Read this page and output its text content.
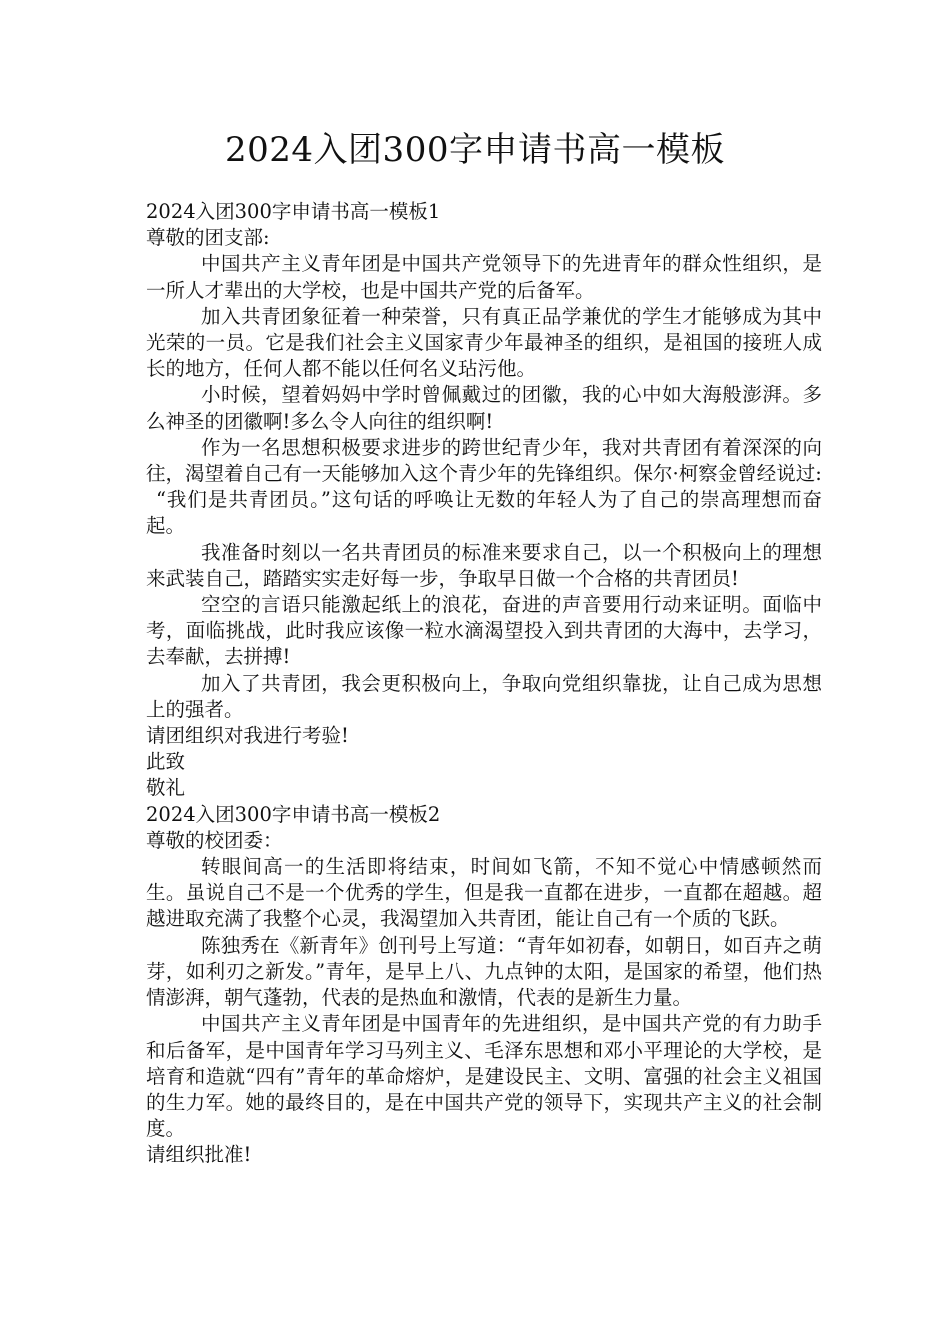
2024入团300字申请书高一模板

2024入团300字申请书高一模板1

尊敬的团支部:

中国共产主义青年团是中国共产党领导下的先进青年的群众性组织，是一所人才辈出的大学校，也是中国共产党的后备军。

加入共青团象征着一种荣誉，只有真正品学兼优的学生才能够成为其中光荣的一员。它是我们社会主义国家青少年最神圣的组织，是祖国的接班人成长的地方，任何人都不能以任何名义玷污他。

小时候，望着妈妈中学时曾佩戴过的团徽，我的心中如大海般澎湃。多么神圣的团徽啊!多么令人向往的组织啊!

作为一名思想积极要求进步的跨世纪青少年，我对共青团有着深深的向往，渴望着自己有一天能够加入这个青少年的先锋组织。保尔·柯察金曾经说过:

“我们是共青团员。”这句话的呼唤让无数的年轻人为了自己的崇高理想而奋起。

我准备时刻以一名共青团员的标准来要求自己，以一个积极向上的理想来武装自己，踏踏实实走好每一步，争取早日做一个合格的共青团员!

空空的言语只能激起纸上的浪花，奋进的声音要用行动来证明。面临中考，面临挑战，此时我应该像一粒水滴渴望投入到共青团的大海中，去学习，去奉献，去拼搏!

加入了共青团，我会更积极向上，争取向党组织靠拢，让自己成为思想上的强者。

请团组织对我进行考验!

此致

敬礼

2024入团300字申请书高一模板2

尊敬的校团委：

转眼间高一的生活即将结束，时间如飞箭，不知不觉心中情感顿然而生。虽说自己不是一个优秀的学生，但是我一直都在进步，一直都在超越。超越进取充满了我整个心灵，我渴望加入共青团，能让自己有一个质的飞跃。

陈独秀在《新青年》创刊号上写道：“青年如初春，如朝日，如百卉之萌芽，如利刃之新发。”青年，是早上八、九点钟的太阳，是国家的希望，他们热情澎湃，朝气蓬勃，代表的是热血和激情，代表的是新生力量。

中国共产主义青年团是中国青年的先进组织，是中国共产党的有力助手和后备军，是中国青年学习马列主义、毛泽东思想和邓小平理论的大学校，是培育和造就“四有”青年的革命熔炉，是建设民主、文明、富强的社会主义祖国的生力军。她的最终目的，是在中国共产党的领导下，实现共产主义的社会制度。

请组织批准!
